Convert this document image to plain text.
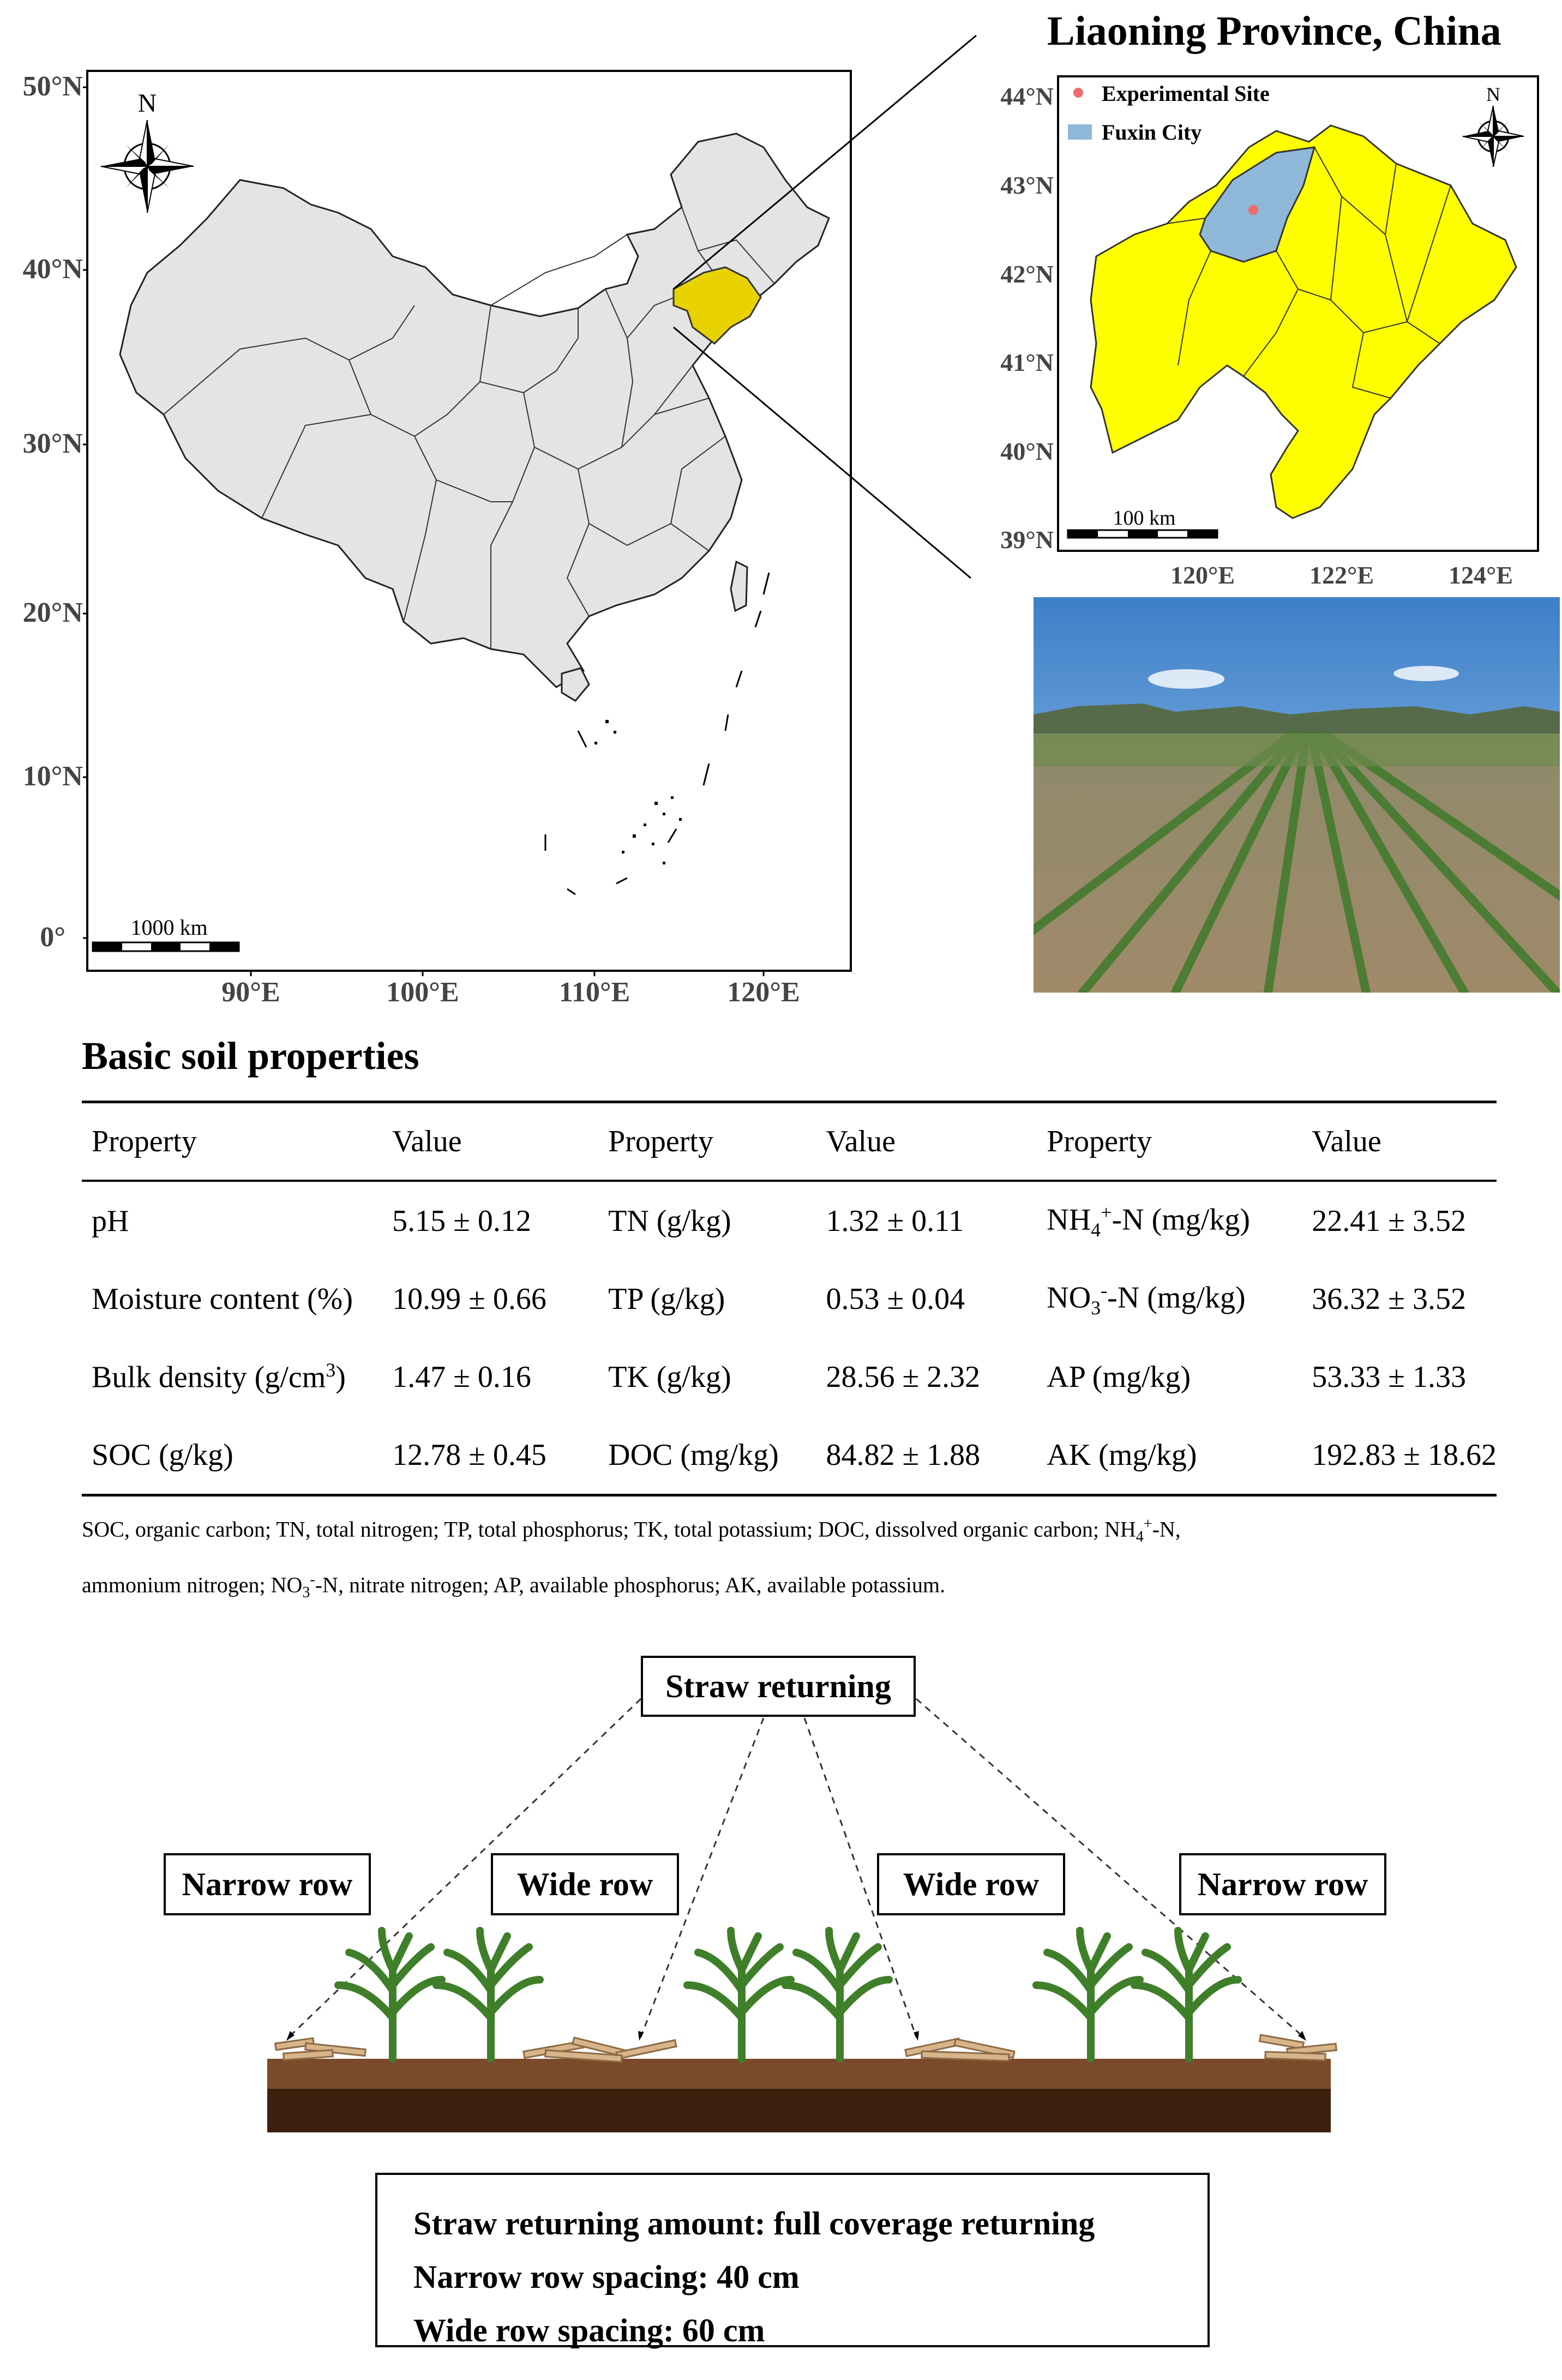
N
1000 km
50°N
40°N
30°N
20°N
10°N
0°
90°E	100°E	110°E	120°E
Liaoning Province, China
Experimental Site
Fuxin City
N
100 km
44°N
43°N
42°N
41°N
40°N
39°N
120°E	122°E	124°E
Basic soil properties
Property	Value	Property	Value	Property	Value
pH	5.15 ± 0.12	TN (g/kg)	1.32 ± 0.11	$NH_4^+-N$ (mg/kg)	22.41 ± 3.52
Moisture content (%)	10.99 ± 0.66	TP (g/kg)	0.53 ± 0.04	$NO_3^--N$ (mg/kg)	36.32 ± 3.52
Bulk density $(g/cm^3)$	1.47 ± 0.16	TK (g/kg)	28.56 ± 2.32	AP (mg/kg)	53.33 ± 1.33
SOC (g/kg)	12.78 ± 0.45	DOC (mg/kg)	84.82 ± 1.88	AK (mg/kg)	192.83 ± 18.62
SOC, organic carbon; TN, total nitrogen; TP, total phosphorus; TK, total potassium; DOC, dissolved organic carbon; $NH_4^+-N$,
ammonium nitrogen; $NO_3^--N$, nitrate nitrogen; AP, available phosphorus; AK, available potassium.
Straw returning
Narrow row	Wide row	Wide row	Narrow row
Straw returning amount: full coverage returning
Narrow row spacing: 40 cm
Wide row spacing: 60 cm
